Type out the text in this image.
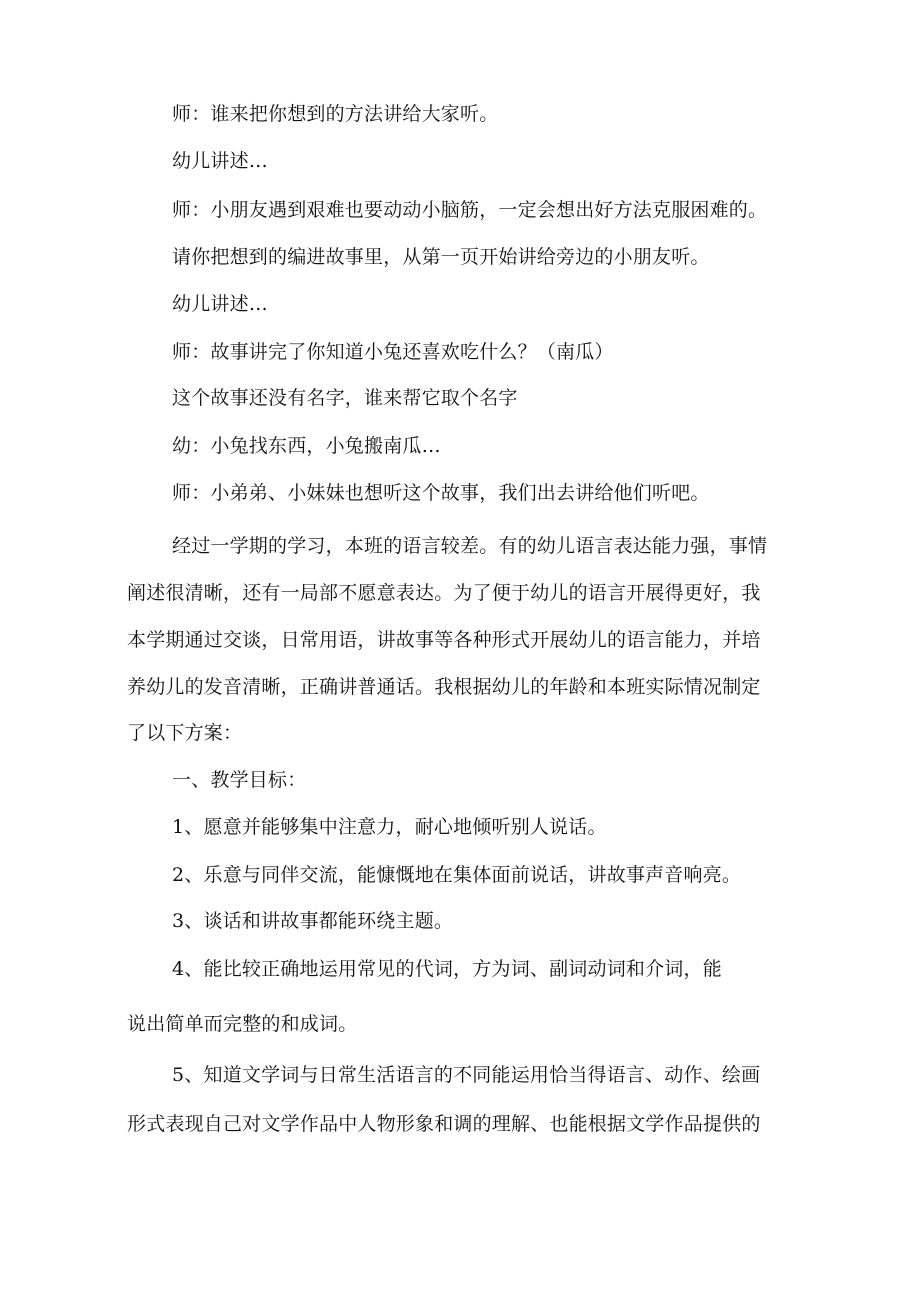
师：谁来把你想到的方法讲给大家听。
幼儿讲述…
师：小朋友遇到艰难也要动动小脑筋，一定会想出好方法克服困难的。
请你把想到的编进故事里，从第一页开始讲给旁边的小朋友听。
幼儿讲述…
师：故事讲完了你知道小兔还喜欢吃什么？（南瓜）
这个故事还没有名字，谁来帮它取个名字
幼：小兔找东西，小兔搬南瓜…
师：小弟弟、小妹妹也想听这个故事，我们出去讲给他们听吧。
经过一学期的学习，本班的语言较差。有的幼儿语言表达能力强，事情
阐述很清晰，还有一局部不愿意表达。为了便于幼儿的语言开展得更好，我
本学期通过交谈，日常用语，讲故事等各种形式开展幼儿的语言能力，并培
养幼儿的发音清晰，正确讲普通话。我根据幼儿的年龄和本班实际情况制定
了以下方案：
一、教学目标：
1、愿意并能够集中注意力，耐心地倾听别人说话。
2、乐意与同伴交流，能慷慨地在集体面前说话，讲故事声音响亮。
3、谈话和讲故事都能环绕主题。
4、能比较正确地运用常见的代词，方为词、副词动词和介词，能
说出简单而完整的和成词。
5、知道文学词与日常生活语言的不同能运用恰当得语言、动作、绘画
形式表现自己对文学作品中人物形象和调的理解、也能根据文学作品提供的
